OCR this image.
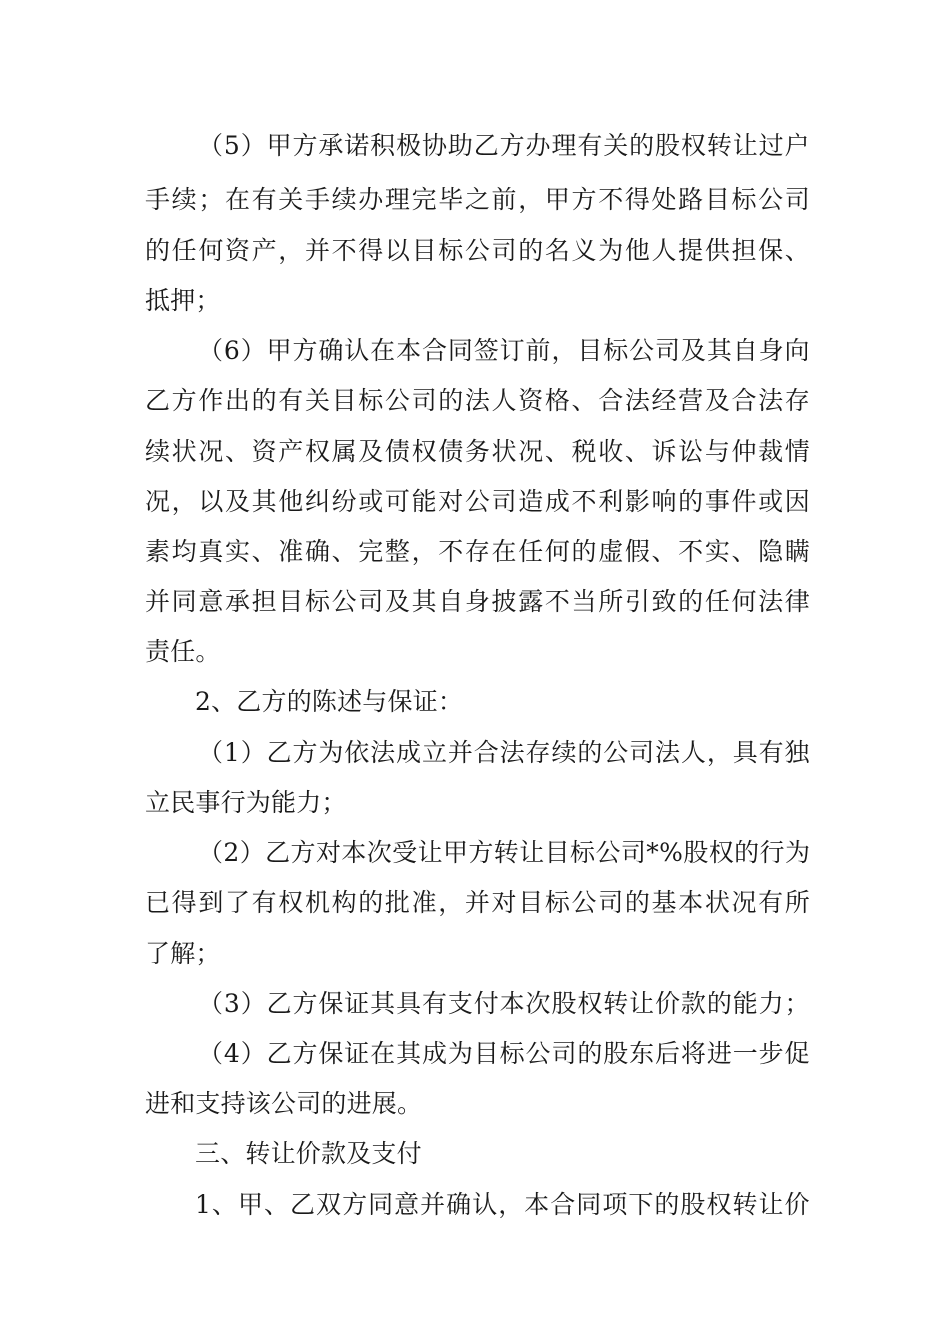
（5）甲方承诺积极协助乙方办理有关的股权转让过户
手续；在有关手续办理完毕之前，甲方不得处路目标公司
的任何资产，并不得以目标公司的名义为他人提供担保、
抵押；
（6）甲方确认在本合同签订前，目标公司及其自身向
乙方作出的有关目标公司的法人资格、合法经营及合法存
续状况、资产权属及债权债务状况、税收、诉讼与仲裁情
况，以及其他纠纷或可能对公司造成不利影响的事件或因
素均真实、准确、完整，不存在任何的虚假、不实、隐瞒
并同意承担目标公司及其自身披露不当所引致的任何法律
责任。
2、乙方的陈述与保证：
（1）乙方为依法成立并合法存续的公司法人，具有独
立民事行为能力；
（2）乙方对本次受让甲方转让目标公司*%股权的行为
已得到了有权机构的批准，并对目标公司的基本状况有所
了解；
（3）乙方保证其具有支付本次股权转让价款的能力；
（4）乙方保证在其成为目标公司的股东后将进一步促
进和支持该公司的进展。
三、转让价款及支付
1、甲、乙双方同意并确认，本合同项下的股权转让价
